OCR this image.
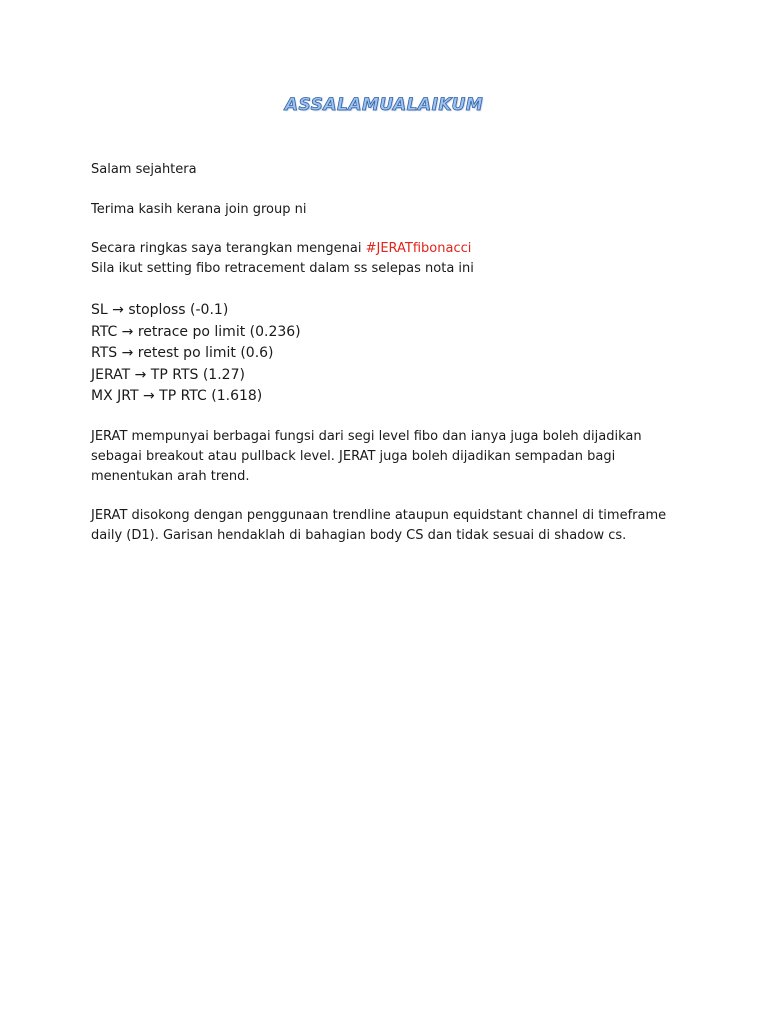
ASSALAMUALAIKUM

Salam sejahtera

Terima kasih kerana join group ni

Secara ringkas saya terangkan mengenai #JERATfibonacci
Sila ikut setting fibo retracement dalam ss selepas nota ini

SL → stoploss (-0.1)
RTC → retrace po limit (0.236)
RTS → retest po limit (0.6)
JERAT → TP RTS (1.27)
MX JRT → TP RTC (1.618)

JERAT mempunyai berbagai fungsi dari segi level fibo dan ianya juga boleh dijadikan
sebagai breakout atau pullback level. JERAT juga boleh dijadikan sempadan bagi
menentukan arah trend.

JERAT disokong dengan penggunaan trendline ataupun equidstant channel di timeframe
daily (D1). Garisan hendaklah di bahagian body CS dan tidak sesuai di shadow cs.
